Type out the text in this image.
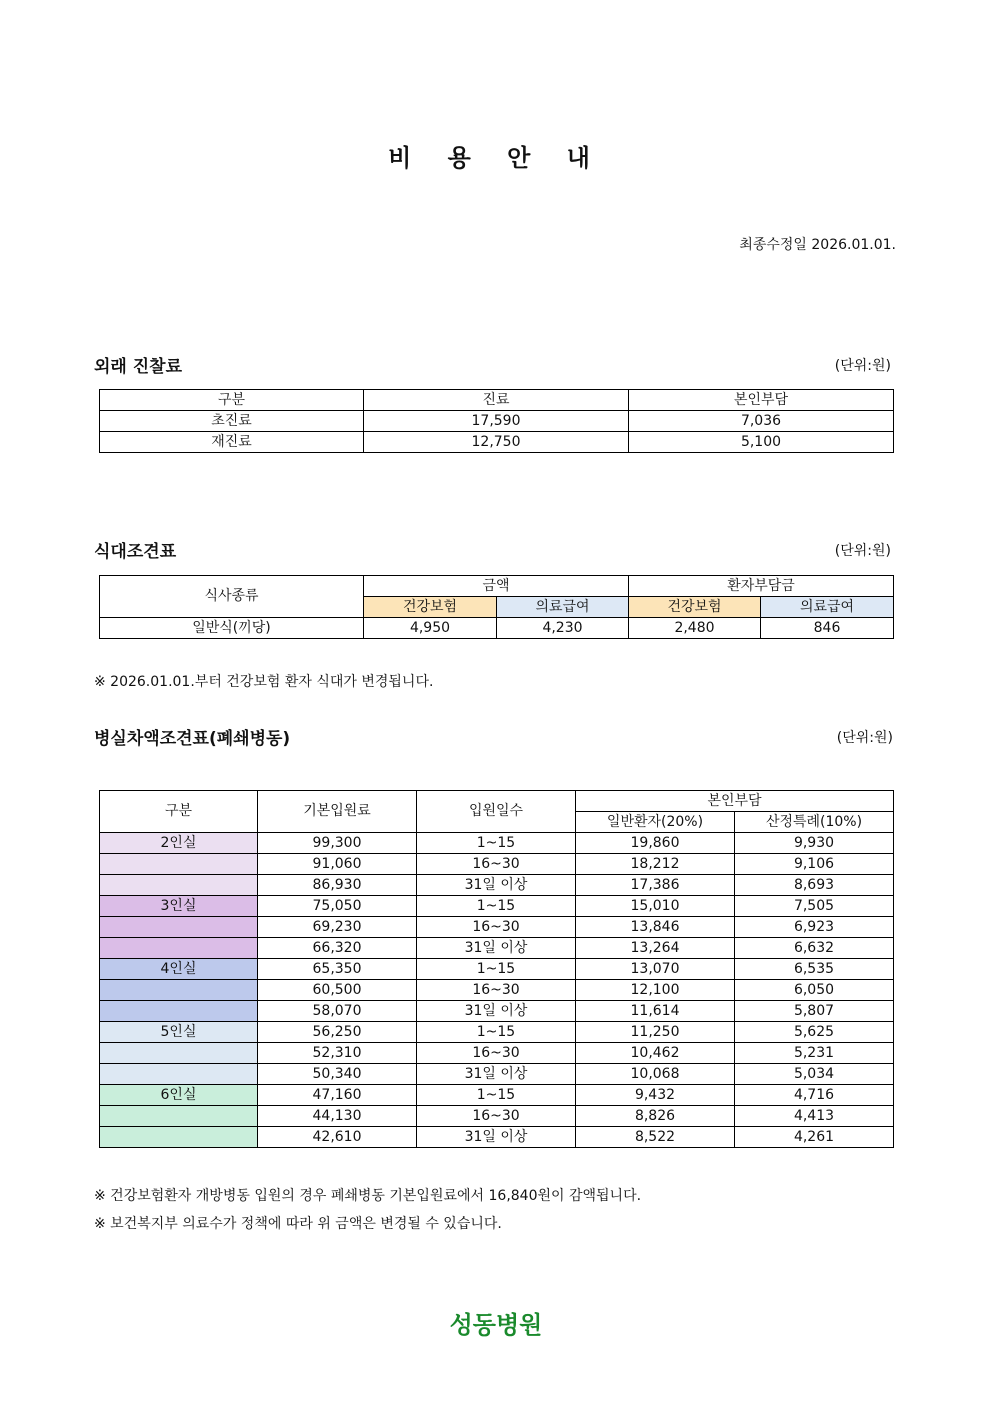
비 용 안 내
최종수정일 2026.01.01.
외래 진찰료	(단위:원)
구분	진료	본인부담
초진료	17,590	7,036
재진료	12,750	5,100
식대조견표	(단위:원)
식사종류	금액		환자부담금	
	건강보험	의료급여	건강보험	의료급여
일반식(끼당)	4,950	4,230	2,480	846
※ 2026.01.01.부터 건강보험 환자 식대가 변경됩니다.
병실차액조견표(폐쇄병동)	(단위:원)
구분	기본입원료	입원일수	본인부담	
			일반환자(20%)	산정특례(10%)
2인실	99,300	1~15	19,860	9,930
	91,060	16~30	18,212	9,106
	86,930	31일 이상	17,386	8,693
3인실	75,050	1~15	15,010	7,505
	69,230	16~30	13,846	6,923
	66,320	31일 이상	13,264	6,632
4인실	65,350	1~15	13,070	6,535
	60,500	16~30	12,100	6,050
	58,070	31일 이상	11,614	5,807
5인실	56,250	1~15	11,250	5,625
	52,310	16~30	10,462	5,231
	50,340	31일 이상	10,068	5,034
6인실	47,160	1~15	9,432	4,716
	44,130	16~30	8,826	4,413
	42,610	31일 이상	8,522	4,261
※ 건강보험환자 개방병동 입원의 경우 폐쇄병동 기본입원료에서 16,840원이 감액됩니다.
※ 보건복지부 의료수가 정책에 따라 위 금액은 변경될 수 있습니다.
성동병원
